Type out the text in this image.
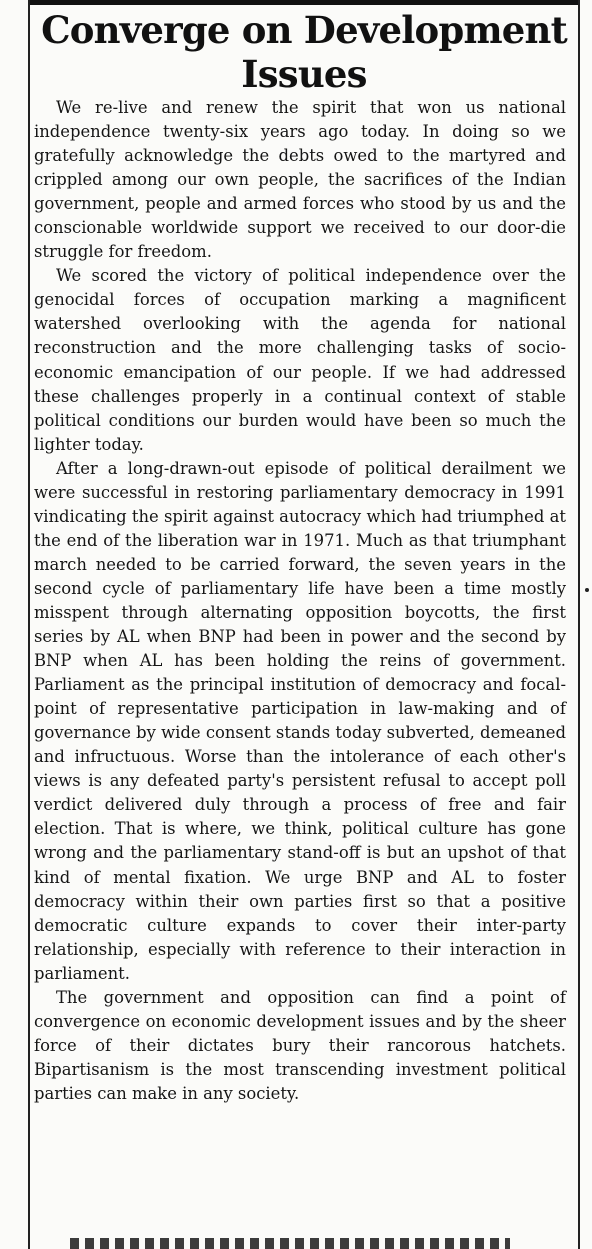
Converge on Development Issues

We re-live and renew the spirit that won us national independence twenty-six years ago today. In doing so we gratefully acknowledge the debts owed to the martyred and crippled among our own people, the sacrifices of the Indian government, people and armed forces who stood by us and the conscionable worldwide support we received to our door-die struggle for freedom.

We scored the victory of political independence over the genocidal forces of occupation marking a magnificent watershed overlooking with the agenda for national reconstruction and the more challenging tasks of socio-economic emancipation of our people. If we had addressed these challenges properly in a continual context of stable political conditions our burden would have been so much the lighter today.

After a long-drawn-out episode of political derailment we were successful in restoring parliamentary democracy in 1991 vindicating the spirit against autocracy which had triumphed at the end of the liberation war in 1971. Much as that triumphant march needed to be carried forward, the seven years in the second cycle of parliamentary life have been a time mostly misspent through alternating opposition boycotts, the first series by AL when BNP had been in power and the second by BNP when AL has been holding the reins of government. Parliament as the principal institution of democracy and focal-point of representative participation in law-making and of governance by wide consent stands today subverted, demeaned and infructuous. Worse than the intolerance of each other's views is any defeated party's persistent refusal to accept poll verdict delivered duly through a process of free and fair election. That is where, we think, political culture has gone wrong and the parliamentary stand-off is but an upshot of that kind of mental fixation. We urge BNP and AL to foster democracy within their own parties first so that a positive democratic culture expands to cover their inter-party relationship, especially with reference to their interaction in parliament.

The government and opposition can find a point of convergence on economic development issues and by the sheer force of their dictates bury their rancorous hatchets. Bipartisanism is the most transcending investment political parties can make in any society.
